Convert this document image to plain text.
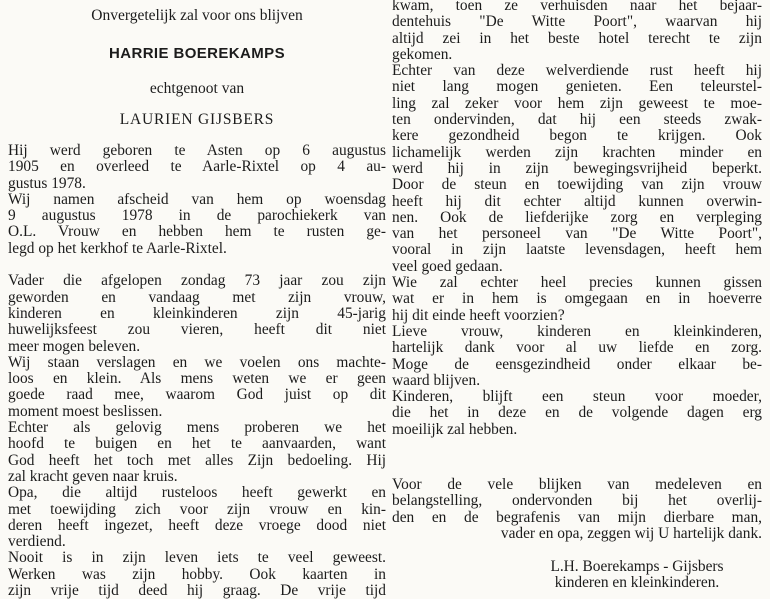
Onvergetelijk zal voor ons blijven
HARRIE BOEREKAMPS
echtgenoot van
LAURIEN GIJSBERS
Hij werd geboren te Asten op 6 augustus
1905 en overleed te Aarle-Rixtel op 4 au-
gustus 1978.
Wij namen afscheid van hem op woensdag
9 augustus 1978 in de parochiekerk van
O.L. Vrouw en hebben hem te rusten ge-
legd op het kerkhof te Aarle-Rixtel.
Vader die afgelopen zondag 73 jaar zou zijn
geworden en vandaag met zijn vrouw,
kinderen en kleinkinderen zijn 45-jarig
huwelijksfeest zou vieren, heeft dit niet
meer mogen beleven.
Wij staan verslagen en we voelen ons machte-
loos en klein. Als mens weten we er geen
goede raad mee, waarom God juist op dit
moment moest beslissen.
Echter als gelovig mens proberen we het
hoofd te buigen en het te aanvaarden, want
God heeft het toch met alles Zijn bedoeling. Hij
zal kracht geven naar kruis.
Opa, die altijd rusteloos heeft gewerkt en
met toewijding zich voor zijn vrouw en kin-
deren heeft ingezet, heeft deze vroege dood niet
verdiend.
Nooit is in zijn leven iets te veel geweest.
Werken was zijn hobby. Ook kaarten in
zijn vrije tijd deed hij graag. De vrije tijd
kwam, toen ze verhuisden naar het bejaar-
dentehuis "De Witte Poort", waarvan hij
altijd zei in het beste hotel terecht te zijn
gekomen.
Echter van deze welverdiende rust heeft hij
niet lang mogen genieten. Een teleurstel-
ling zal zeker voor hem zijn geweest te moe-
ten ondervinden, dat hij een steeds zwak-
kere gezondheid begon te krijgen. Ook
lichamelijk werden zijn krachten minder en
werd hij in zijn bewegingsvrijheid beperkt.
Door de steun en toewijding van zijn vrouw
heeft hij dit echter altijd kunnen overwin-
nen. Ook de liefderijke zorg en verpleging
van het personeel van "De Witte Poort",
vooral in zijn laatste levensdagen, heeft hem
veel goed gedaan.
Wie zal echter heel precies kunnen gissen
wat er in hem is omgegaan en in hoeverre
hij dit einde heeft voorzien?
Lieve vrouw, kinderen en kleinkinderen,
hartelijk dank voor al uw liefde en zorg.
Moge de eensgezindheid onder elkaar be-
waard blijven.
Kinderen, blijft een steun voor moeder,
die het in deze en de volgende dagen erg
moeilijk zal hebben.
Voor de vele blijken van medeleven en
belangstelling, ondervonden bij het overlij-
den en de begrafenis van mijn dierbare man,
vader en opa, zeggen wij U hartelijk dank.
L.H. Boerekamps - Gijsbers
kinderen en kleinkinderen.
